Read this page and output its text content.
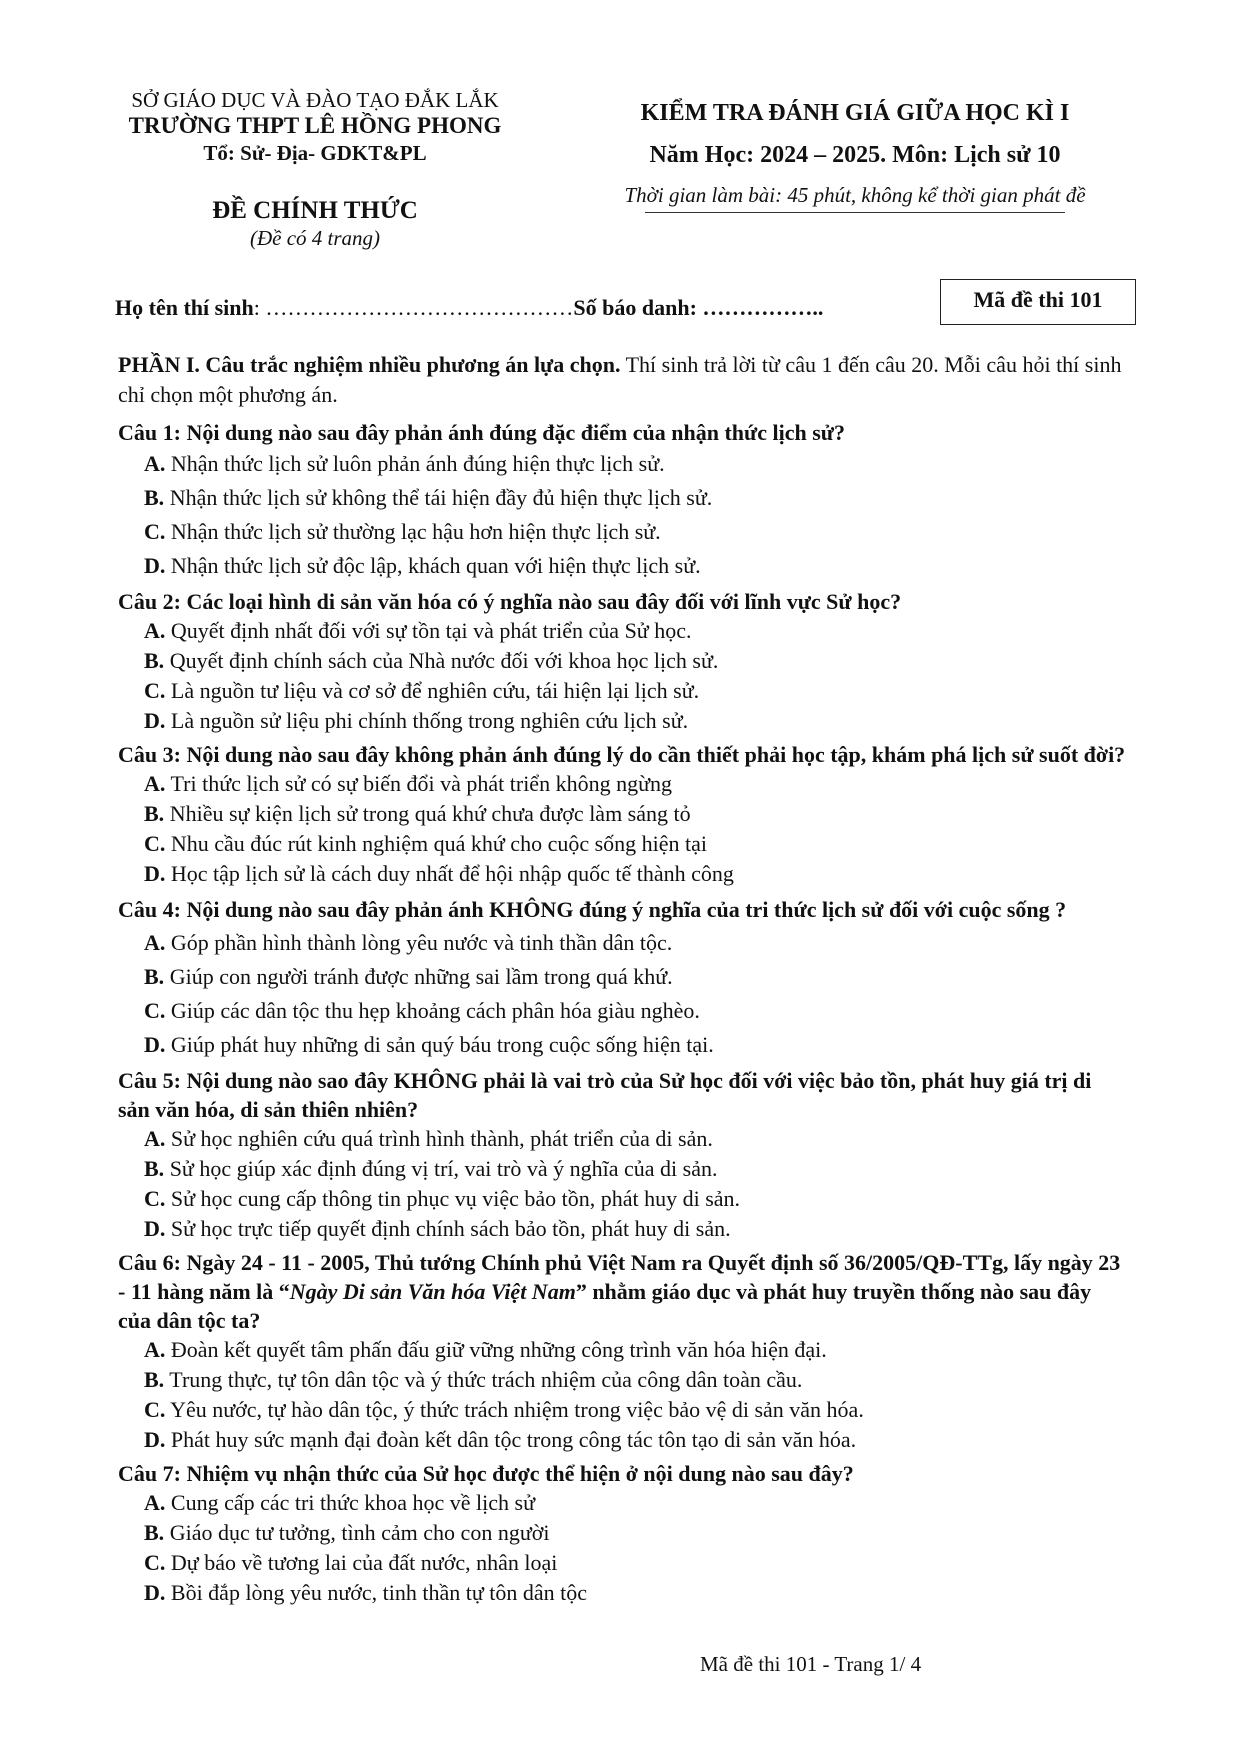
SỞ GIÁO DỤC VÀ ĐÀO TẠO ĐẮK LẮK
TRƯỜNG THPT LÊ HỒNG PHONG
Tổ: Sử- Địa- GDKT&PL
ĐỀ CHÍNH THỨC
(Đề có 4 trang)
KIỂM TRA ĐÁNH GIÁ GIỮA HỌC KÌ I
Năm Học: 2024 – 2025. Môn: Lịch sử 10
Thời gian làm bài: 45 phút, không kể thời gian phát đề
Họ tên thí sinh: ……………………………………Số báo danh: ……………..	Mã đề thi 101
PHẦN I. Câu trắc nghiệm nhiều phương án lựa chọn. Thí sinh trả lời từ câu 1 đến câu 20. Mỗi câu hỏi thí sinh chỉ chọn một phương án.
Câu 1: Nội dung nào sau đây phản ánh đúng đặc điểm của nhận thức lịch sử?
A. Nhận thức lịch sử luôn phản ánh đúng hiện thực lịch sử.
B. Nhận thức lịch sử không thể tái hiện đầy đủ hiện thực lịch sử.
C. Nhận thức lịch sử thường lạc hậu hơn hiện thực lịch sử.
D. Nhận thức lịch sử độc lập, khách quan với hiện thực lịch sử.
Câu 2: Các loại hình di sản văn hóa có ý nghĩa nào sau đây đối với lĩnh vực Sử học?
A. Quyết định nhất đối với sự tồn tại và phát triển của Sử học.
B. Quyết định chính sách của Nhà nước đối với khoa học lịch sử.
C. Là nguồn tư liệu và cơ sở để nghiên cứu, tái hiện lại lịch sử.
D. Là nguồn sử liệu phi chính thống trong nghiên cứu lịch sử.
Câu 3: Nội dung nào sau đây không phản ánh đúng lý do cần thiết phải học tập, khám phá lịch sử suốt đời?
A. Tri thức lịch sử có sự biến đổi và phát triển không ngừng
B. Nhiều sự kiện lịch sử trong quá khứ chưa được làm sáng tỏ
C. Nhu cầu đúc rút kinh nghiệm quá khứ cho cuộc sống hiện tại
D. Học tập lịch sử là cách duy nhất để hội nhập quốc tế thành công
Câu 4: Nội dung nào sau đây phản ánh KHÔNG đúng ý nghĩa của tri thức lịch sử đối với cuộc sống ?
A. Góp phần hình thành lòng yêu nước và tinh thần dân tộc.
B. Giúp con người tránh được những sai lầm trong quá khứ.
C. Giúp các dân tộc thu hẹp khoảng cách phân hóa giàu nghèo.
D. Giúp phát huy những di sản quý báu trong cuộc sống hiện tại.
Câu 5: Nội dung nào sao đây KHÔNG phải là vai trò của Sử học đối với việc bảo tồn, phát huy giá trị di sản văn hóa, di sản thiên nhiên?
A. Sử học nghiên cứu quá trình hình thành, phát triển của di sản.
B. Sử học giúp xác định đúng vị trí, vai trò và ý nghĩa của di sản.
C. Sử học cung cấp thông tin phục vụ việc bảo tồn, phát huy di sản.
D. Sử học trực tiếp quyết định chính sách bảo tồn, phát huy di sản.
Câu 6: Ngày 24 - 11 - 2005, Thủ tướng Chính phủ Việt Nam ra Quyết định số 36/2005/QĐ-TTg, lấy ngày 23 - 11 hàng năm là “Ngày Di sản Văn hóa Việt Nam” nhằm giáo dục và phát huy truyền thống nào sau đây của dân tộc ta?
A. Đoàn kết quyết tâm phấn đấu giữ vững những công trình văn hóa hiện đại.
B. Trung thực, tự tôn dân tộc và ý thức trách nhiệm của công dân toàn cầu.
C. Yêu nước, tự hào dân tộc, ý thức trách nhiệm trong việc bảo vệ di sản văn hóa.
D. Phát huy sức mạnh đại đoàn kết dân tộc trong công tác tôn tạo di sản văn hóa.
Câu 7: Nhiệm vụ nhận thức của Sử học được thể hiện ở nội dung nào sau đây?
A. Cung cấp các tri thức khoa học về lịch sử
B. Giáo dục tư tưởng, tình cảm cho con người
C. Dự báo về tương lai của đất nước, nhân loại
D. Bồi đắp lòng yêu nước, tinh thần tự tôn dân tộc
Mã đề thi 101 - Trang 1/ 4
